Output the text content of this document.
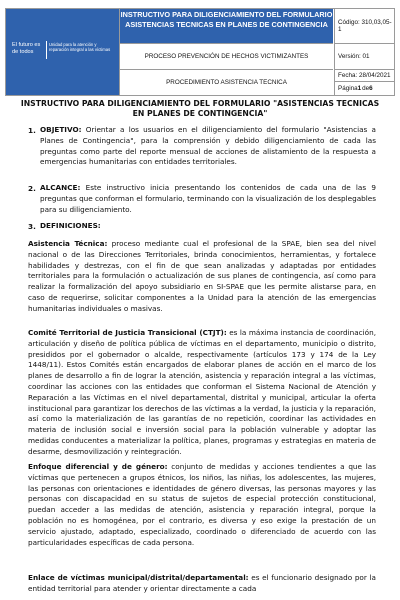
El futuro es de todos
Unidad para la atención y reparación integral a las víctimas
INSTRUCTIVO PARA DILIGENCIAMIENTO DEL FORMULARIO ASISTENCIAS TECNICAS EN PLANES DE CONTINGENCIA	Código: 310,03,05-1
PROCESO PREVENCIÓN DE HECHOS VICTIMIZANTES	Versión: 01
PROCEDIMIENTO ASISTENCIA TECNICA
Fecha: 28/04/2021
Página 1 de 6
INSTRUCTIVO PARA DILIGENCIAMIENTO DEL FORMULARIO "ASISTENCIAS TECNICAS EN PLANES DE CONTINGENCIA"
1. OBJETIVO: Orientar a los usuarios en el diligenciamiento del formulario "Asistencias a Planes de Contingencia", para la comprensión y debido diligenciamiento de cada las preguntas como parte del reporte mensual de acciones de alistamiento de la respuesta a emergencias humanitarias con entidades territoriales.
2. ALCANCE: Este instructivo inicia presentando los contenidos de cada una de las 9 preguntas que conforman el formulario, terminando con la visualización de los desplegables para su diligenciamiento.
3. DEFINICIONES:
Asistencia Técnica: proceso mediante cual el profesional de la SPAE, bien sea del nivel nacional o de las Direcciones Territoriales, brinda conocimientos, herramientas, y fortalece habilidades y destrezas, con el fin de que sean analizadas y adaptadas por entidades territoriales para la formulación o actualización de sus planes de contingencia, así como para realizar la formalización del apoyo subsidiario en SI-SPAE que les permite alistarse para, en caso de requerirse, solicitar componentes a la Unidad para la atención de las emergencias humanitarias individuales o masivas.
Comité Territorial de Justicia Transicional (CTJT): es la máxima instancia de coordinación, articulación y diseño de política pública de víctimas en el departamento, municipio o distrito, presididos por el gobernador o alcalde, respectivamente (artículos 173 y 174 de la Ley 1448/11). Estos Comités están encargados de elaborar planes de acción en el marco de los planes de desarrollo a fin de lograr la atención, asistencia y reparación integral a las víctimas, coordinar las acciones con las entidades que conforman el Sistema Nacional de Atención y Reparación a las Víctimas en el nivel departamental, distrital y municipal, articular la oferta institucional para garantizar los derechos de las víctimas a la verdad, la justicia y la reparación, así como la materialización de las garantías de no repetición, coordinar las actividades en materia de inclusión social e inversión social para la población vulnerable y adoptar las medidas conducentes a materializar la política, planes, programas y estrategias en materia de desarme, desmovilización y reintegración.
Enfoque diferencial y de género: conjunto de medidas y acciones tendientes a que las víctimas que pertenecen a grupos étnicos, los niños, las niñas, los adolescentes, las mujeres, las personas con orientaciones e identidades de género diversas, las personas mayores y las personas con discapacidad en su status de sujetos de especial protección constitucional, puedan acceder a las medidas de atención, asistencia y reparación integral, porque la población no es homogénea, por el contrario, es diversa y eso exige la prestación de un servicio ajustado, adaptado, especializado, coordinado o diferenciado de acuerdo con las particularidades específicas de cada persona.
Enlace de víctimas municipal/distrital/departamental: es el funcionario designado por la entidad territorial para atender y orientar directamente a cada
